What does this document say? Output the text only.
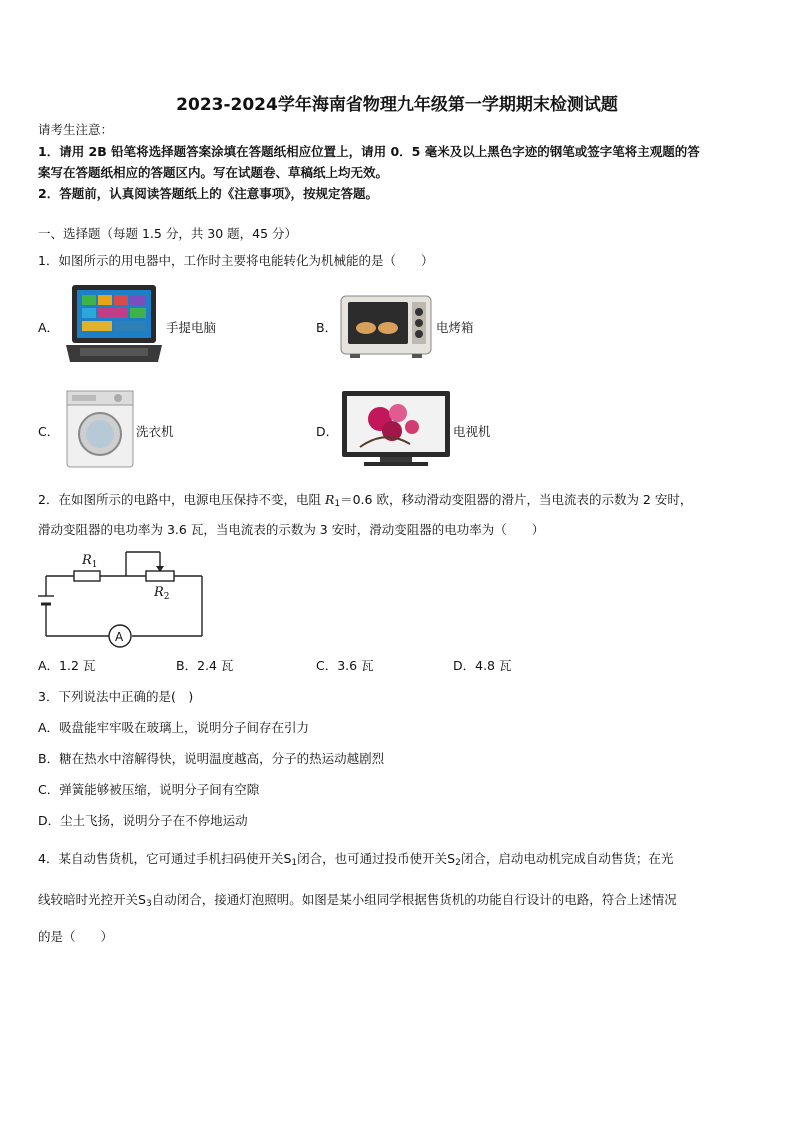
2023-2024学年海南省物理九年级第一学期期末检测试题
请考生注意：
1．请用 2B 铅笔将选择题答案涂填在答题纸相应位置上，请用 0．5 毫米及以上黑色字迹的钢笔或签字笔将主观题的答
案写在答题纸相应的答题区内。写在试题卷、草稿纸上均无效。
2．答题前，认真阅读答题纸上的《注意事项》，按规定答题。
一、选择题（每题 1.5 分，共 30 题，45 分）
1．如图所示的用电器中，工作时主要将电能转化为机械能的是（　　）
A．	手提电脑	B．	电烤箱
C．	洗衣机	D．	电视机
2．在如图所示的电路中，电源电压保持不变，电阻 $R_1=0.6$ 欧，移动滑动变阻器的滑片，当电流表的示数为 2 安时，
滑动变阻器的电功率为 3.6 瓦，当电流表的示数为 3 安时，滑动变阻器的电功率为（　　）
$R_1$
$R_2$
A
A．1.2 瓦	B．2.4 瓦	C．3.6 瓦	D．4.8 瓦
3．下列说法中正确的是(　)
A．吸盘能牢牢吸在玻璃上，说明分子间存在引力
B．糖在热水中溶解得快，说明温度越高，分子的热运动越剧烈
C．弹簧能够被压缩，说明分子间有空隙
D．尘土飞扬，说明分子在不停地运动
4．某自动售货机，它可通过手机扫码使开关$S_1$闭合，也可通过投币使开关$S_2$闭合，启动电动机完成自动售货；在光
线较暗时光控开关$S_3$自动闭合，接通灯泡照明。如图是某小组同学根据售货机的功能自行设计的电路，符合上述情况
的是（　　）
